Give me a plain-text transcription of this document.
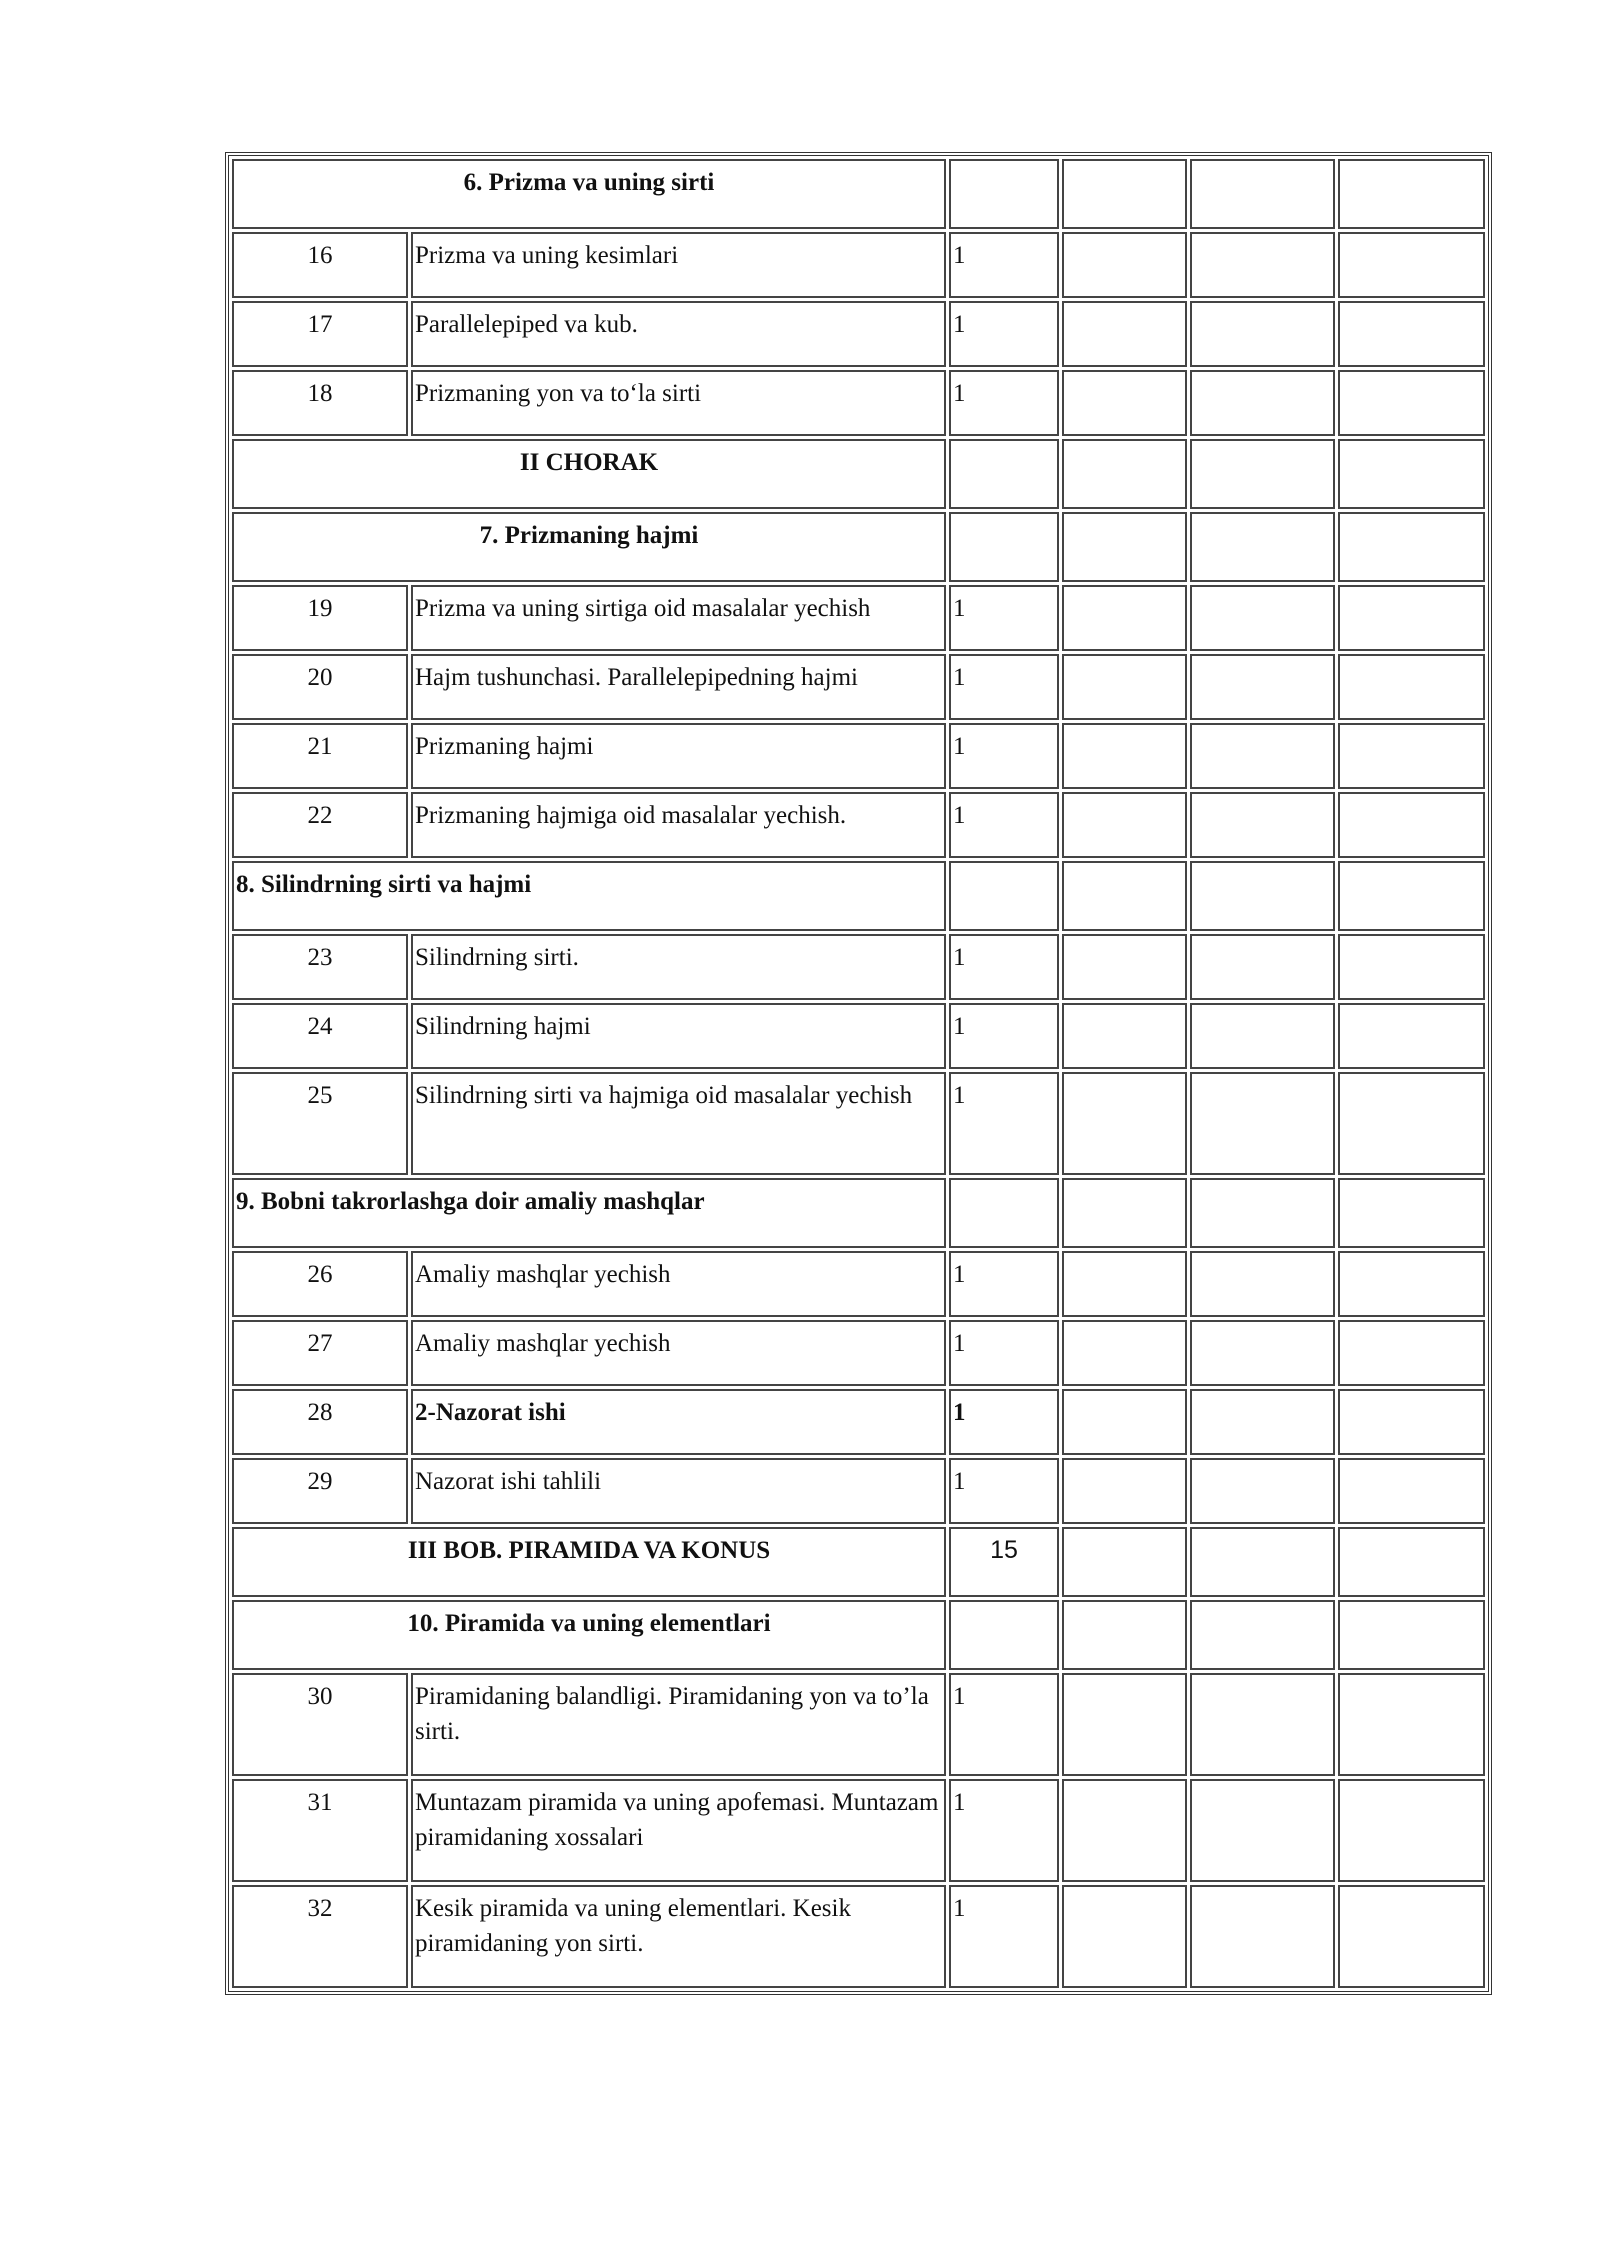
6. Prizma va uning sirti					
16	Prizma va uning kesimlari	1			
17	Parallelepiped va kub.	1			
18	Prizmaning yon va to‘la sirti	1			
II CHORAK					
7. Prizmaning hajmi					
19	Prizma va uning sirtiga oid masalalar yechish	1			
20	Hajm tushunchasi. Parallelepipedning hajmi	1			
21	Prizmaning hajmi	1			
22	Prizmaning hajmiga oid masalalar yechish.	1			
8. Silindrning sirti va hajmi					
23	Silindrning sirti.	1			
24	Silindrning hajmi	1			
25	Silindrning sirti va hajmiga oid masalalar yechish	1			
9. Bobni takrorlashga doir amaliy mashqlar					
26	Amaliy mashqlar yechish	1			
27	Amaliy mashqlar yechish	1			
28	2-Nazorat ishi	1			
29	Nazorat ishi tahlili	1			
III BOB. PIRAMIDA VA KONUS		15			
10. Piramida va uning elementlari					
30	Piramidaning balandligi. Piramidaning yon va to’la sirti.	1			
31	Muntazam piramida va uning apofemasi. Muntazam piramidaning xossalari	1			
32	Kesik piramida va uning elementlari. Kesik piramidaning yon sirti.	1			
